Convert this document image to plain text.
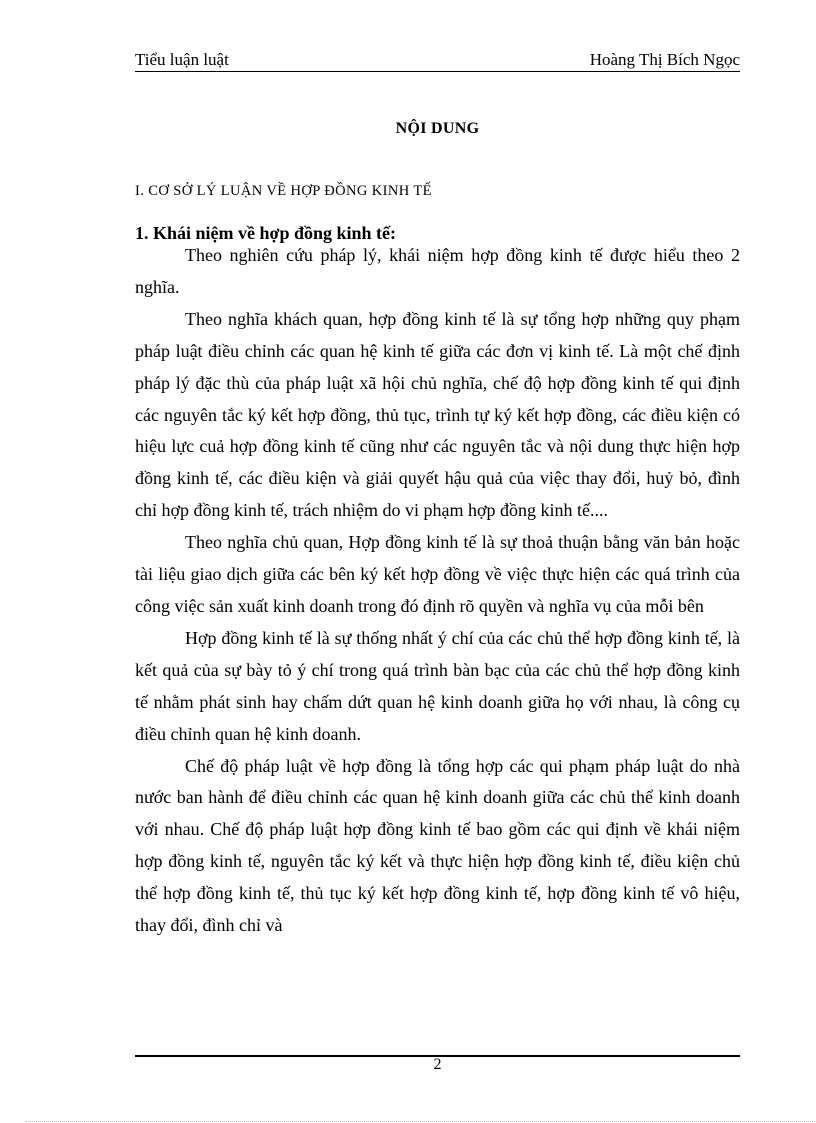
Tiểu luận luật	Hoàng Thị Bích Ngọc
NỘI DUNG
I. CƠ SỞ LÝ LUẬN VỀ HỢP ĐỒNG KINH TẾ
1. Khái niệm về hợp đồng kinh tế:

Theo nghiên cứu pháp lý, khái niệm hợp đồng kinh tế được hiểu theo 2 nghĩa.

Theo nghĩa khách quan, hợp đồng kinh tế là sự tổng hợp những quy phạm pháp luật điều chỉnh các quan hệ kinh tế giữa các đơn vị kinh tế. Là một chế định pháp lý đặc thù của pháp luật xã hội chủ nghĩa, chế độ hợp đồng kinh tế qui định các nguyên tắc ký kết hợp đồng, thủ tục, trình tự ký kết hợp đồng, các điều kiện có hiệu lực cuả hợp đồng kinh tế cũng như các nguyên tắc và nội dung thực hiện hợp đồng kinh tế, các điều kiện và giải quyết hậu quả của việc thay đổi, huỷ bỏ, đình chỉ hợp đồng kinh tế, trách nhiệm do vi phạm hợp đồng kinh tế....

Theo nghĩa chủ quan, Hợp đồng kinh tế là sự thoả thuận bằng văn bản hoặc tài liệu giao dịch giữa các bên ký kết hợp đồng về việc thực hiện các quá trình của công việc sản xuất kinh doanh trong đó định rõ quyền và nghĩa vụ của mỗi bên

Hợp đồng kinh tế là sự thống nhất ý chí của các chủ thể hợp đồng kinh tế, là kết quả của sự bày tỏ ý chí trong quá trình bàn bạc của các chủ thể hợp đồng kinh tế nhằm phát sinh hay chấm dứt quan hệ kinh doanh giữa họ với nhau, là công cụ điều chỉnh quan hệ kinh doanh.

Chế độ pháp luật về hợp đồng là tổng hợp các qui phạm pháp luật do nhà nước ban hành để điều chỉnh các quan hệ kinh doanh giữa các chủ thể kinh doanh với nhau. Chế độ pháp luật hợp đồng kinh tế bao gồm các qui định về khái niệm hợp đồng kinh tế, nguyên tắc ký kết và thực hiện hợp đồng kinh tế, điều kiện chủ thể hợp đồng kinh tế, thủ tục ký kết hợp đồng kinh tế, hợp đồng kinh tế vô hiệu, thay đổi, đình chỉ và

2
